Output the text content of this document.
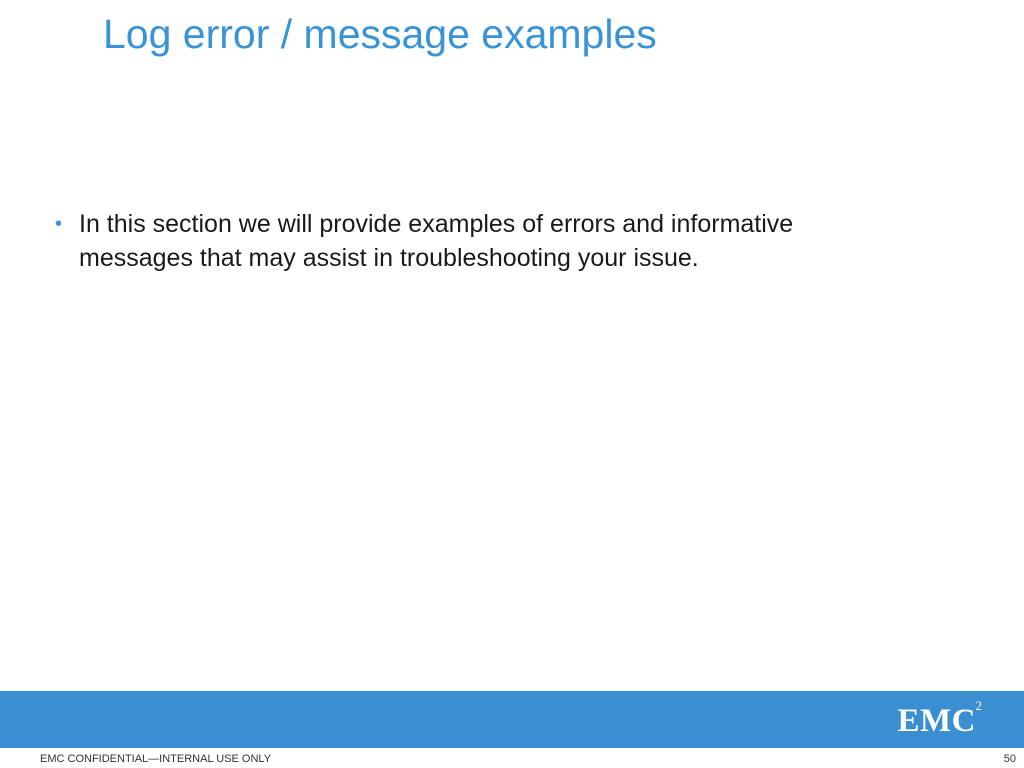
Log error / message examples
• In this section we will provide examples of errors and informative
messages that may assist in troubleshooting your issue.
EMC 2
EMC CONFIDENTIAL—INTERNAL USE ONLY	50
